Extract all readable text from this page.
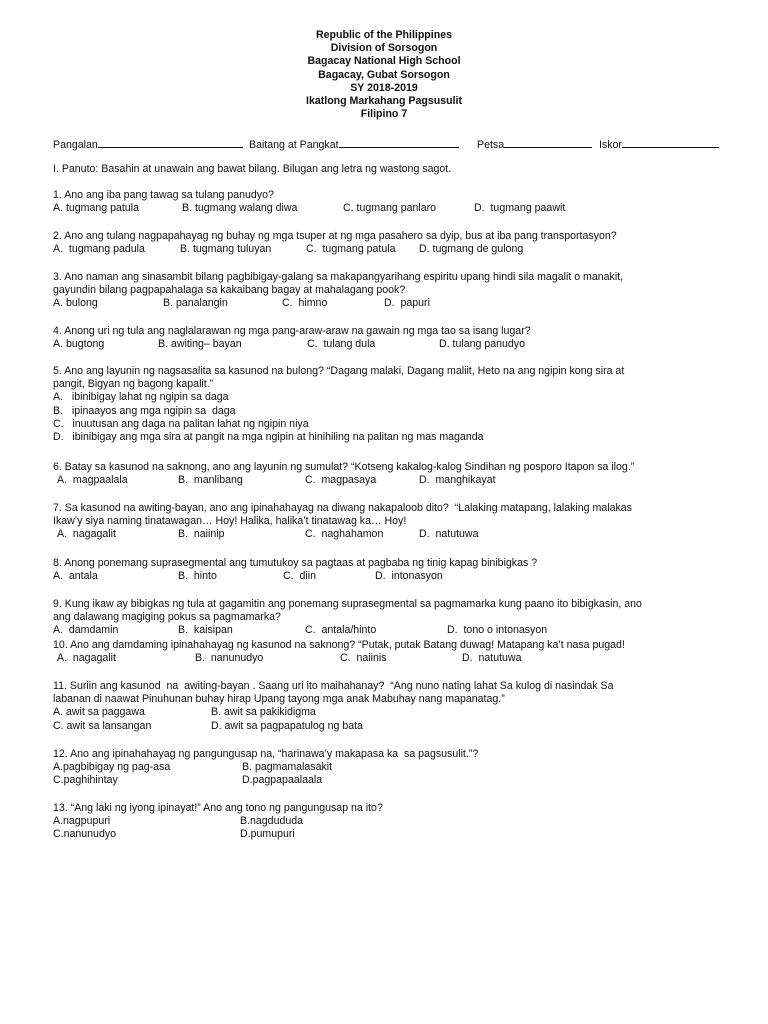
Republic of the Philippines
Division of Sorsogon
Bagacay National High School
Bagacay, Gubat Sorsogon
SY 2018-2019
Ikatlong Markahang Pagsusulit
Filipino 7
Pangalan	Baitang at Pangkat	Petsa	Iskor
I. Panuto: Basahin at unawain ang bawat bilang. Bilugan ang letra ng wastong sagot.
1. Ano ang iba pang tawag sa tulang panudyo?
A. tugmang patula	B. tugmang walang diwa	C. tugmang panlaro	D.  tugmang paawit
2. Ano ang tulang nagpapahayag ng buhay ng mga tsuper at ng mga pasahero sa dyip, bus at iba pang transportasyon?
A.  tugmang padula	B. tugmang tuluyan	C.  tugmang patula D. tugmang de gulong
3. Ano naman ang sinasambit bilang pagbibigay-galang sa makapangyarihang espiritu upang hindi sila magalit o manakit,
gayundin bilang pagpapahalaga sa kakaibang bagay at mahalagang pook?
A. bulong	B. panalangin	C.  himno	D.  papuri
4. Anong uri ng tula ang naglalarawan ng mga pang-araw-araw na gawain ng mga tao sa isang lugar?
A. bugtong	B. awiting– bayan	C.  tulang dula	D. tulang panudyo
5. Ano ang layunin ng nagsasalita sa kasunod na bulong? “Dagang malaki, Dagang maliit, Heto na ang ngipin kong sira at
pangit, Bigyan ng bagong kapalit.”
A.   ibinibigay lahat ng ngipin sa daga
B.   ipinaayos ang mga ngipin sa  daga
C.   inuutusan ang daga na palitan lahat ng ngipin niya
D.   ibinibigay ang mga sira at pangit na mga ngipin at hinihiling na palitan ng mas maganda
6. Batay sa kasunod na saknong, ano ang layunin ng sumulat? “Kotseng kakalog-kalog Sindihan ng posporo Itapon sa ilog.”
A.  magpaalala	B.  manlibang	C.  magpasaya	D.  manghikayat
7. Sa kasunod na awiting-bayan, ano ang ipinahahayag na diwang nakapaloob dito?  “Lalaking matapang, lalaking malakas
Ikaw’y siya naming tinatawagan… Hoy! Halika, halika’t tinatawag ka… Hoy!
A.  nagagalit	B.  naiinip	C.  naghahamon	D.  natutuwa
8. Anong ponemang suprasegmental ang tumutukoy sa pagtaas at pagbaba ng tinig kapag binibigkas ?
A.  antala	B.  hinto	C.  diin	D.  intonasyon
9. Kung ikaw ay bibigkas ng tula at gagamitin ang ponemang suprasegmental sa pagmamarka kung paano ito bibigkasin, ano
ang dalawang magiging pokus sa pagmamarka?
A.  damdamin	B.  kaisipan	C.  antala/hinto	D.  tono o intonasyon
10. Ano ang damdaming ipinahahayag ng kasunod na saknong? “Putak, putak Batang duwag! Matapang ka’t nasa pugad!
A.  nagagalit	B.  nanunudyo	C.  naiinis	D.  natutuwa
11. Suriin ang kasunod  na  awiting-bayan . Saang uri ito maihahanay?  “Ang nuno nating lahat Sa kulog di nasindak Sa
labanan di naawat Pinuhunan buhay hirap Upang tayong mga anak Mabuhay nang mapanatag.”
A. awit sa paggawa	B. awit sa pakikidigma
C. awit sa lansangan	D. awit sa pagpapatulog ng bata
12. Ano ang ipinahahayag ng pangungusap na, “harinawa’y makapasa ka  sa pagsusulit.”?
A.pagbibigay ng pag-asa	B. pagmamalasakit
C.paghihintay	D.pagpapaalaala
13. “Ang laki ng iyong ipinayat!” Ano ang tono ng pangungusap na ito?
A.nagpupuri	B.nagdududa
C.nanunudyo	D.pumupuri
